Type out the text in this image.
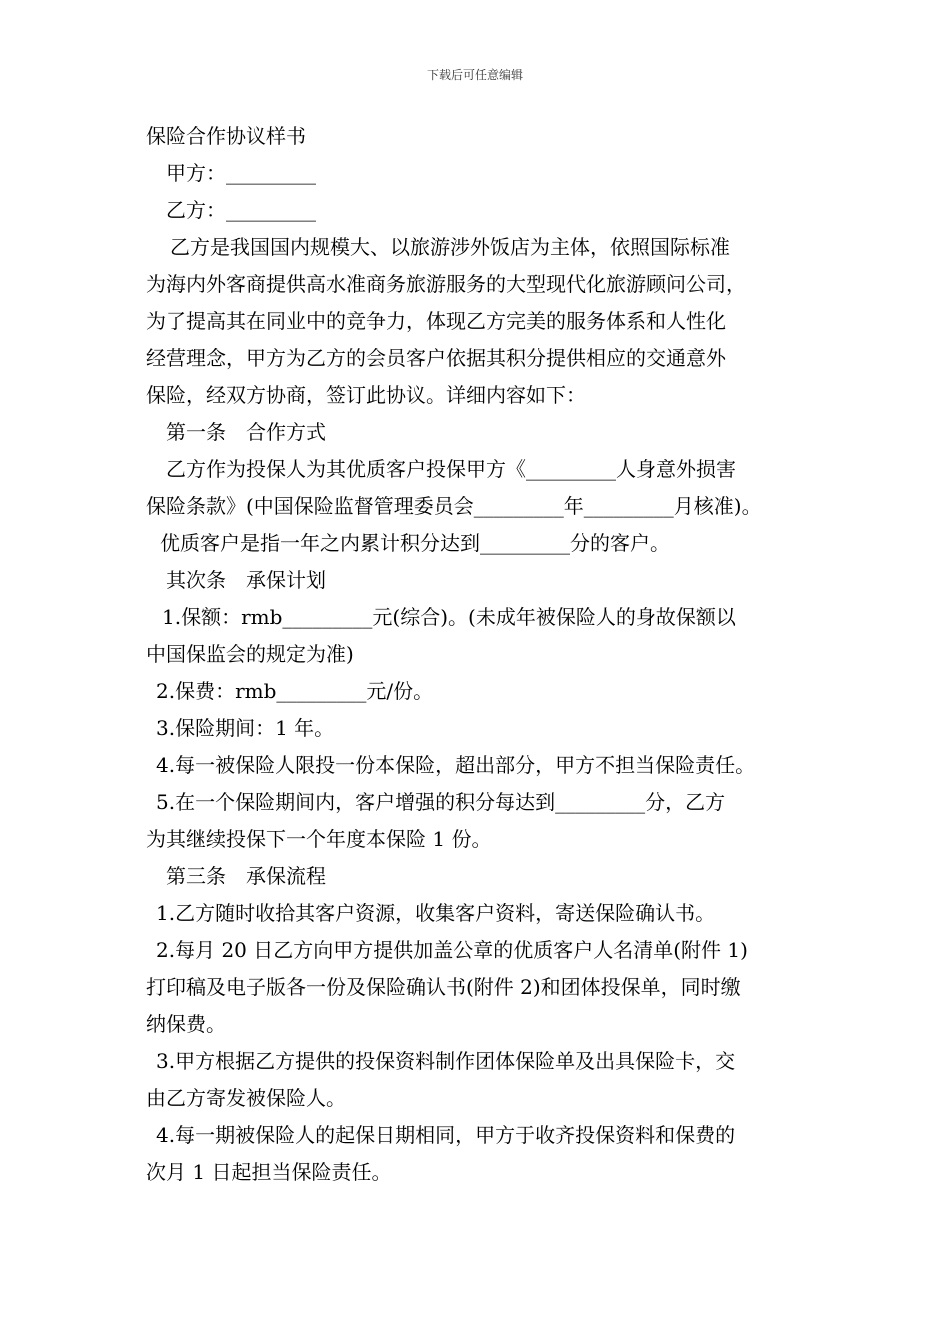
下载后可任意编辑
保险合作协议样书
甲方：_________
乙方：_________
乙方是我国国内规模大、以旅游涉外饭店为主体，依照国际标准
为海内外客商提供高水准商务旅游服务的大型现代化旅游顾问公司，
为了提高其在同业中的竞争力，体现乙方完美的服务体系和人性化
经营理念，甲方为乙方的会员客户依据其积分提供相应的交通意外
保险，经双方协商，签订此协议。详细内容如下：
第一条　合作方式
乙方作为投保人为其优质客户投保甲方《_________人身意外损害
保险条款》(中国保险监督管理委员会_________年_________月核准)。
优质客户是指一年之内累计积分达到_________分的客户。
其次条　承保计划
1.保额：rmb_________元(综合)。(未成年被保险人的身故保额以
中国保监会的规定为准)
2.保费：rmb_________元/份。
3.保险期间：1 年。
4.每一被保险人限投一份本保险，超出部分，甲方不担当保险责任。
5.在一个保险期间内，客户增强的积分每达到_________分，乙方
为其继续投保下一个年度本保险 1 份。
第三条　承保流程
1.乙方随时收拾其客户资源，收集客户资料，寄送保险确认书。
2.每月 20 日乙方向甲方提供加盖公章的优质客户人名清单(附件 1)
打印稿及电子版各一份及保险确认书(附件 2)和团体投保单，同时缴
纳保费。
3.甲方根据乙方提供的投保资料制作团体保险单及出具保险卡，交
由乙方寄发被保险人。
4.每一期被保险人的起保日期相同，甲方于收齐投保资料和保费的
次月 1 日起担当保险责任。
